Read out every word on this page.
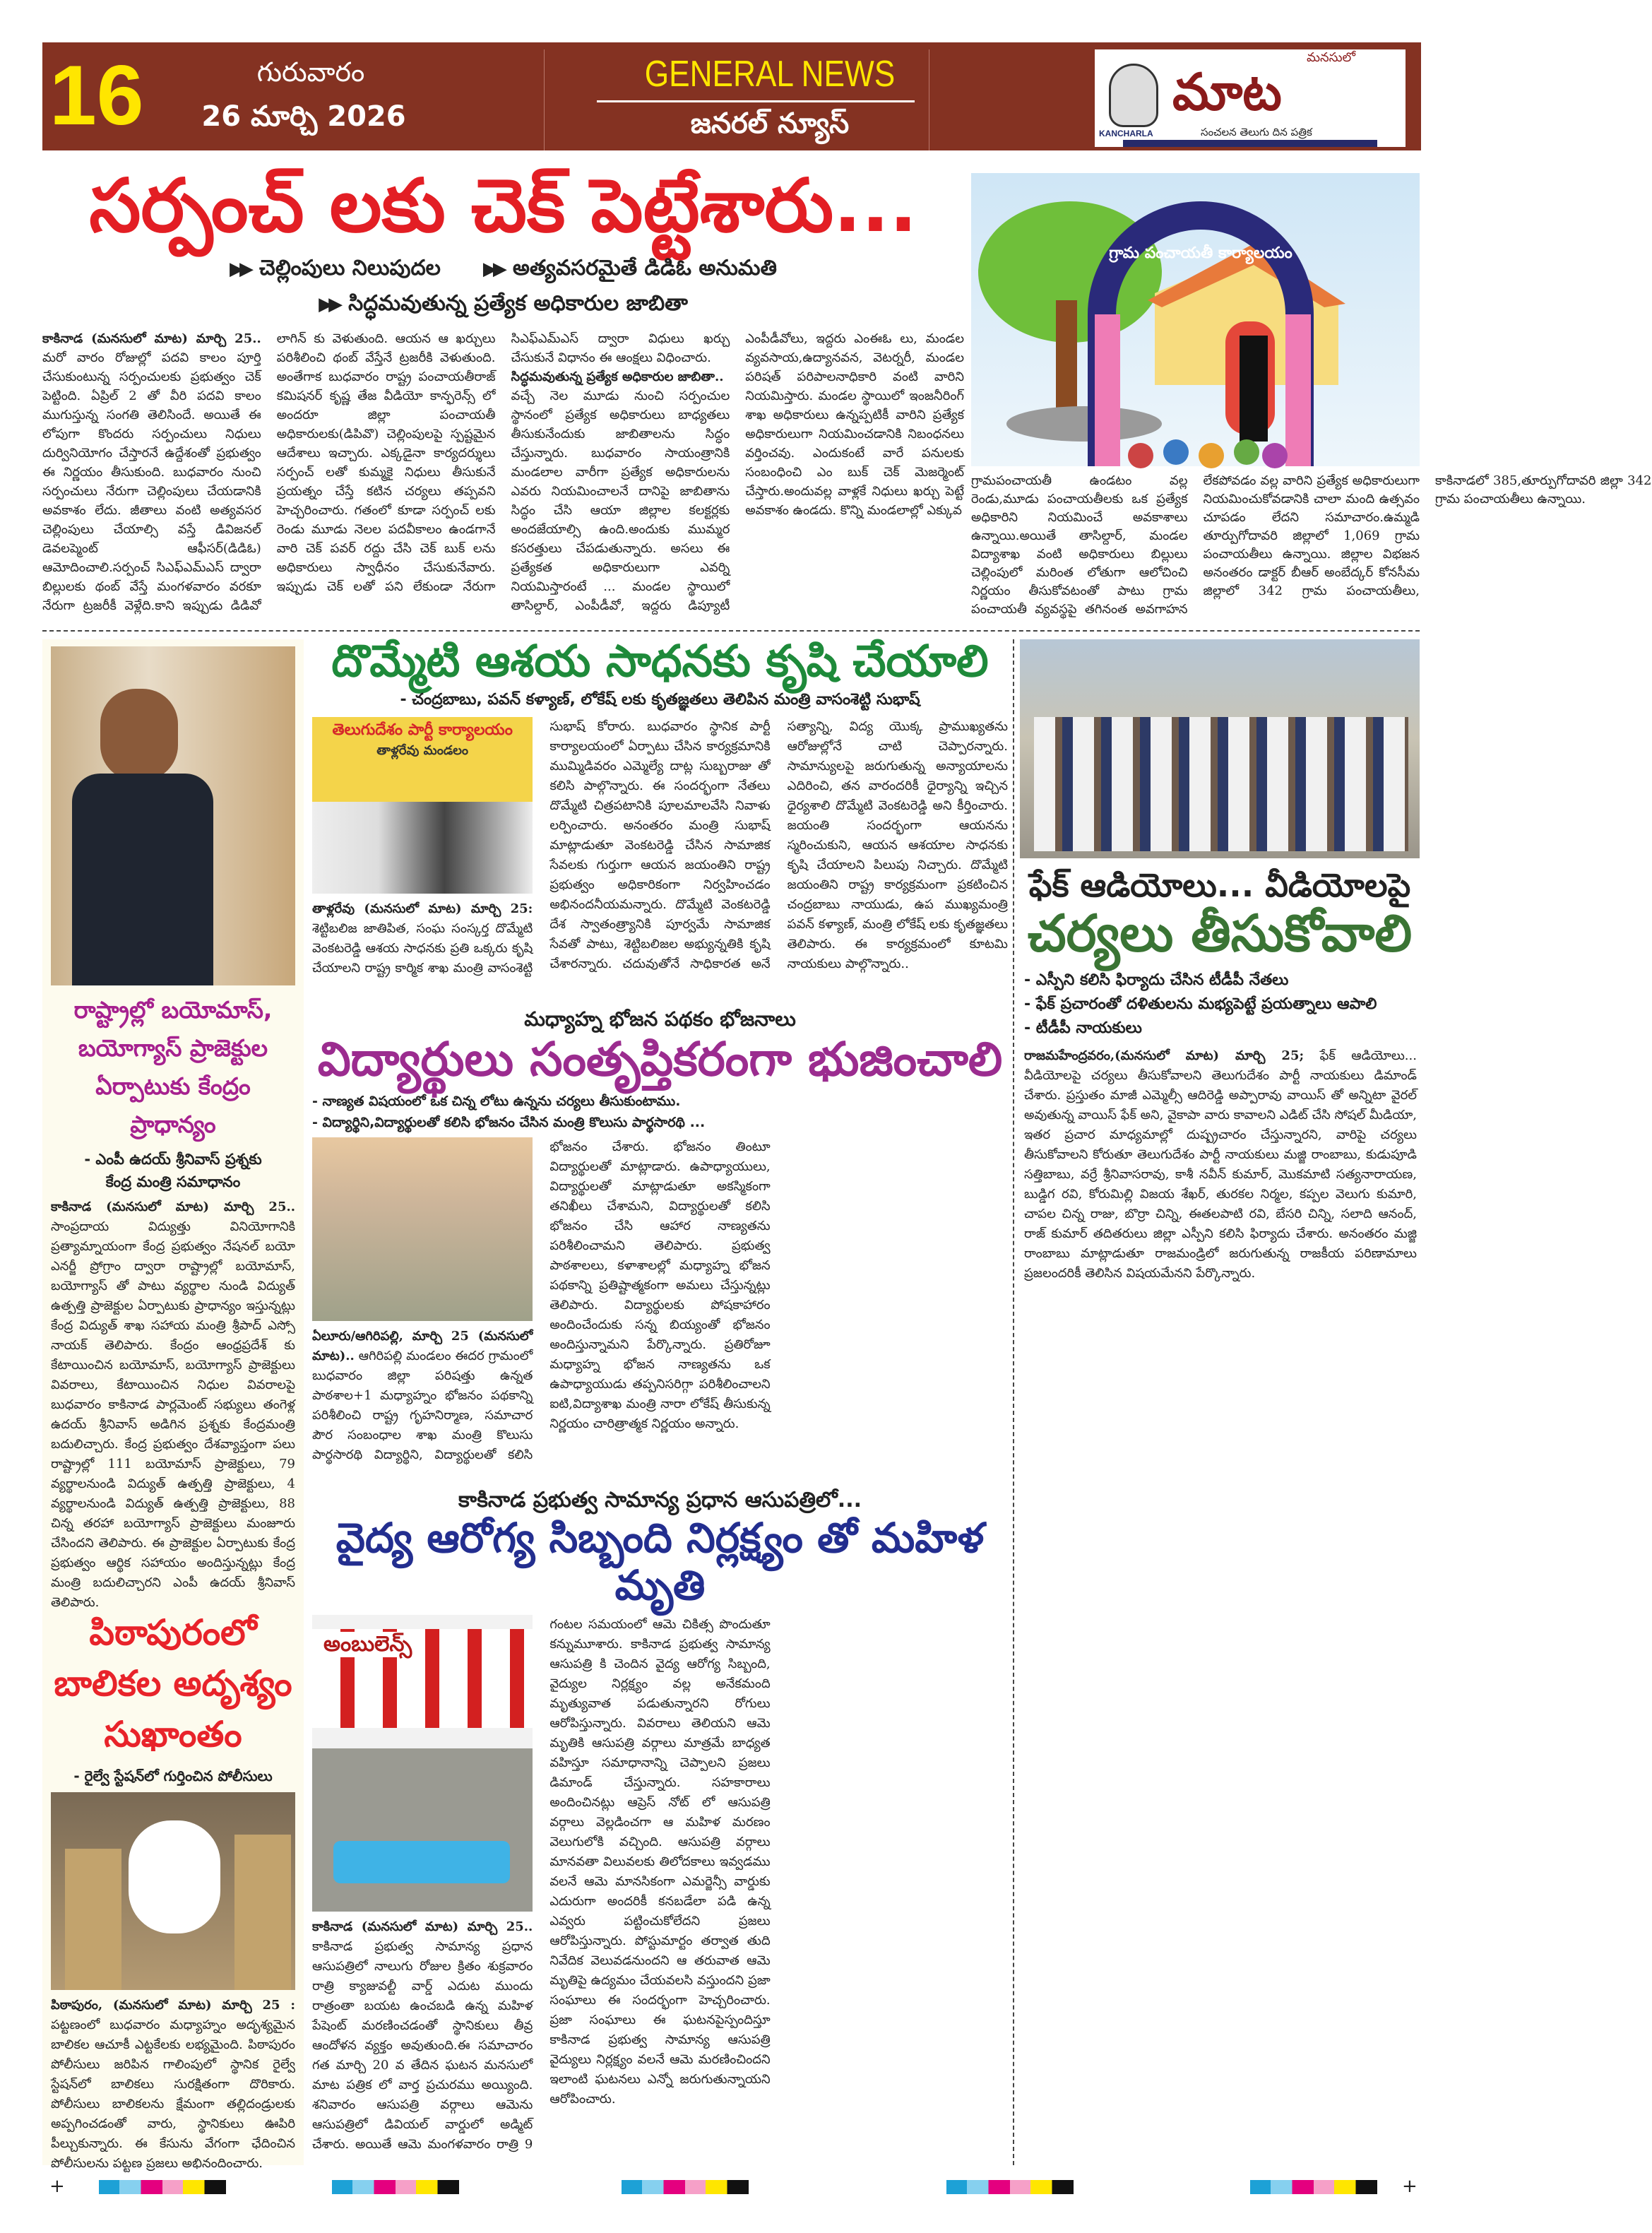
16	గురువారం
26 మార్చి 2026
GENERAL NEWS
జనరల్ న్యూస్
మనసులో
మాట
KANCHARLA	సంచలన తెలుగు దిన పత్రిక
సర్పంచ్ లకు చెక్ పెట్టేశారు...
▶▶ చెల్లింపులు నిలుపుదల ▶▶ అత్యవసరమైతే డిడిఓ అనుమతి
▶▶ సిద్ధమవుతున్న ప్రత్యేక అధికారుల జాబితా
కాకినాడ (మనసులో మాట) మార్చి 25.. మరో వారం రోజుల్లో పదవి కాలం పూర్తి చేసుకుంటున్న సర్పంచులకు ప్రభుత్వం చెక్ పెట్టింది. ఏప్రిల్ 2 తో వీరి పదవి కాలం ముగుస్తున్న సంగతి తెలిసిందే. అయితే ఈ లోపుగా కొందరు సర్పంచులు నిధులు దుర్వినియోగం చేస్తారనే ఉద్దేశంతో ప్రభుత్వం ఈ నిర్ణయం తీసుకుంది. బుధవారం నుంచి సర్పంచులు నేరుగా చెల్లింపులు చేయడానికి అవకాశం లేదు. జీతాలు వంటి అత్యవసర చెల్లింపులు చేయాల్సి వస్తే డివిజనల్ డెవలప్మెంట్ ఆఫీసర్(డిడిఓ) ఆమోదించాలి.సర్పంచ్ సిఎఫ్ఎమ్ఎస్ ద్వారా బిల్లులకు థంబ్ వేస్తే మంగళవారం వరకూ నేరుగా ట్రజరీకీ వెళ్లేది.కాని ఇప్పుడు డిడివో లాగిన్ కు వెళుతుంది. ఆయన ఆ ఖర్చులు పరిశీలించి థంబ్ వేస్తేనే ట్రజరీకి వెళుతుంది. అంతేగాక బుధవారం రాష్ట్ర పంచాయతీరాజ్ కమిషనర్ కృష్ణ తేజ వీడియో కాన్ఫరెన్స్ లో అందరూ జిల్లా పంచాయతీ అధికారులకు(డిపివొ) చెల్లింపులపై స్పష్టమైన ఆదేశాలు ఇచ్చారు. ఎక్కడైనా కార్యదర్శులు సర్పంచ్ లతో కుమ్మకై నిధులు తీసుకునే ప్రయత్నం చేస్తే కటిన చర్యలు తప్పవని హెచ్చరించారు. గతంలో కూడా సర్పంచ్ లకు రెండు మూడు నెలల పదవీకాలం ఉండగానే వారి చెక్ పవర్ రద్దు చేసి చెక్ బుక్ లను అధికారులు స్వాధీనం చేసుకునేవారు. ఇప్పుడు చెక్ లతో పని లేకుండా నేరుగా సిఎఫ్ఎమ్ఎస్ ద్వారా విధులు ఖర్చు చేసుకునే విధానం ఈ ఆంక్షలు విధించారు.
సిద్ధమవుతున్న ప్రత్యేక అధికారుల జాబితా..
వచ్చే నెల మూడు నుంచి సర్పంచుల స్థానంలో ప్రత్యేక అధికారులు బాధ్యతలు తీసుకునేందుకు జాబితాలను సిద్ధం చేస్తున్నారు. బుధవారం సాయంత్రానికి మండలాల వారీగా ప్రత్యేక అధికారులను ఎవరు నియమించాలనే దానిపై జాబితాను సిద్ధం చేసి ఆయా జిల్లాల కలక్టర్లకు అందజేయాల్సి ఉంది.అందుకు ముమ్మర కసరత్తులు చేపడుతున్నారు. అసలు ఈ ప్రత్యేకత అధికారులుగా ఎవర్ని నియమిస్తారంటే ... మండల స్థాయిలో తాసిల్దార్, ఎంపీడీవో, ఇద్దరు డిప్యూటీ ఎంపీడీవోలు, ఇద్దరు ఎంఈఓ లు, మండల వ్యవసాయ,ఉద్యానవన, వెటర్నరీ, మండల పరిషత్ పరిపాలనాధికారి వంటి వారిని నియమిస్తారు. మండల స్థాయిలో ఇంజనీరింగ్ శాఖ అధికారులు ఉన్నప్పటికీ వారిని ప్రత్యేక అధికారులుగా నియమించడానికి నిబంధనలు వర్తించవు. ఎందుకంటే వారే పనులకు సంబంధించి ఎం బుక్ చెక్ మెజర్మెంట్ చేస్తారు.అందువల్ల వాళ్లకే నిధులు ఖర్చు పెట్టే అవకాశం ఉండదు. కొన్ని మండలాల్లో ఎక్కువ
గ్రామ పంచాయతీ కార్యాలయం
గ్రామపంచాయతీ ఉండటం వల్ల రెండు,మూడు పంచాయతీలకు ఒక ప్రత్యేక అధికారిని నియమించే అవకాశాలు ఉన్నాయి.అయితే తాసిల్దార్, మండల విద్యాశాఖ వంటి అధికారులు బిల్లులు చెల్లింపులో మరింత లోతుగా ఆలోచించి నిర్ణయం తీసుకోవటంతో పాటు గ్రామ పంచాయతీ వ్యవస్థపై తగినంత అవగాహన లేకపోవడం వల్ల వారిని ప్రత్యేక అధికారులుగా నియమించుకోవడానికి చాలా మంది ఉత్సవం చూపడం లేదని సమాచారం.ఉమ్మడి తూర్పుగోదావరి జిల్లాలో 1,069 గ్రామ పంచాయతీలు ఉన్నాయి. జిల్లాల విభజన అనంతరం డాక్టర్ బీఆర్ అంబేద్కర్ కోనసీమ జిల్లాలో 342 గ్రామ పంచాయతీలు, కాకినాడలో 385,తూర్పుగోదావరి జిల్లా 342 గ్రామ పంచాయతీలు ఉన్నాయి.
రాష్ట్రాల్లో బయోమాస్,
బయోగ్యాస్ ప్రాజెక్టుల
ఏర్పాటుకు కేంద్రం ప్రాధాన్యం
- ఎంపీ ఉదయ్ శ్రీనివాస్ ప్రశ్నకు
కేంద్ర మంత్రి సమాధానం
కాకినాడ (మనసులో మాట) మార్చి 25.. సాంప్రదాయ విద్యుత్తు వినియోగానికి ప్రత్యామ్నాయంగా కేంద్ర ప్రభుత్వం నేషనల్ బయో ఎనర్జీ ప్రోగ్రాం ద్వారా రాష్ట్రాల్లో బయోమాస్, బయోగ్యాస్ తో పాటు వ్యర్థాల నుండి విద్యుత్ ఉత్పత్తి ప్రాజెక్టుల ఏర్పాటుకు ప్రాధాన్యం ఇస్తున్నట్లు కేంద్ర విద్యుత్ శాఖ సహాయ మంత్రి శ్రీపాద్ ఎస్సో నాయక్ తెలిపారు. కేంద్రం ఆంధ్రప్రదేశ్ కు కేటాయించిన బయోమాస్, బయోగ్యాస్ ప్రాజెక్టులు వివరాలు, కేటాయించిన నిధుల వివరాలపై బుధవారం కాకినాడ పార్లమెంట్ సభ్యులు తంగెళ్ల ఉదయ్ శ్రీనివాస్ అడిగిన ప్రశ్నకు కేంద్రమంత్రి బదులిచ్చారు. కేంద్ర ప్రభుత్వం దేశవ్యాప్తంగా పలు రాష్ట్రాల్లో 111 బయోమాస్ ప్రాజెక్టులు, 79 వ్యర్థాలనుండి విద్యుత్ ఉత్పత్తి ప్రాజెక్టులు, 4 వ్యర్థాలనుండి విద్యుత్ ఉత్పత్తి ప్రాజెక్టులు, 88 చిన్న తరహా బయోగ్యాస్ ప్రాజెక్టులు మంజూరు చేసిందని తెలిపారు. ఈ ప్రాజెక్టుల ఏర్పాటుకు కేంద్ర ప్రభుత్వం ఆర్థిక సహాయం అందిస్తున్నట్లు కేంద్ర మంత్రి బదులిచ్చారని ఎంపీ ఉదయ్ శ్రీనివాస్ తెలిపారు.
పిఠాపురంలో
బాలికల అదృశ్యం
సుఖాంతం
- రైల్వే స్టేషన్‌లో గుర్తించిన పోలీసులు
పిఠాపురం, (మనసులో మాట) మార్చి 25 : పట్టణంలో బుధవారం మధ్యాహ్నం అదృశ్యమైన బాలికల ఆచూకీ ఎట్టకేలకు లభ్యమైంది. పిఠాపురం పోలీసులు జరిపిన గాలింపులో స్థానిక రైల్వే స్టేషన్‌లో బాలికలు సురక్షితంగా దొరికారు. పోలీసులు బాలికలను క్షేమంగా తల్లిదండ్రులకు అప్పగించడంతో వారు, స్థానికులు ఊపిరి పీల్చుకున్నారు. ఈ కేసును వేగంగా ఛేదించిన పోలీసులను పట్టణ ప్రజలు అభినందించారు.
దొమ్మేటి ఆశయ సాధనకు కృషి చేయాలి
- చంద్రబాబు, పవన్ కళ్యాణ్, లోకేష్ లకు కృతజ్ఞతలు తెలిపిన మంత్రి వాసంశెట్టి సుభాష్
తెలుగుదేశం పార్టీ కార్యాలయం
తాళ్లరేవు మండలం
తాళ్లరేవు (మనసులో మాట) మార్చి 25: శెట్టిబలిజ జాతిపిత, సంఘ సంస్కర్త దొమ్మేటి వెంకటరెడ్డి ఆశయ సాధనకు ప్రతి ఒక్కరు కృషి చేయాలని రాష్ట్ర కార్మిక శాఖ మంత్రి వాసంశెట్టి సుభాష్ కోరారు. బుధవారం స్థానిక పార్టీ కార్యాలయంలో ఏర్పాటు చేసిన కార్యక్రమానికి ముమ్మిడివరం ఎమ్మెల్యే దాట్ల సుబ్బరాజు తో కలిసి పాల్గొన్నారు. ఈ సందర్భంగా నేతలు దొమ్మేటి చిత్రపటానికి పూలమాలవేసి నివాళు లర్పించారు. అనంతరం మంత్రి సుభాష్ మాట్లాడుతూ వెంకటరెడ్డి చేసిన సామాజిక సేవలకు గుర్తుగా ఆయన జయంతిని రాష్ట్ర ప్రభుత్వం అధికారికంగా నిర్వహించడం అభినందనీయమన్నారు. దొమ్మేటి వెంకటరెడ్డి దేశ స్వాతంత్ర్యానికి పూర్వమే సామాజిక సేవతో పాటు, శెట్టిబలిజల అభ్యున్నతికి కృషి చేశారన్నారు. చదువుతోనే సాధికారత అనే సత్యాన్ని, విద్య యొక్క ప్రాముఖ్యతను ఆరోజుల్లోనే చాటి చెప్పారన్నారు. సామాన్యులపై జరుగుతున్న అన్యాయాలను ఎదిరించి, తన వారందరికీ ధైర్యాన్ని ఇచ్చిన ధైర్యశాలి దొమ్మేటి వెంకటరెడ్డి అని కీర్తించారు. జయంతి సందర్భంగా ఆయనను స్మరించుకుని, ఆయన ఆశయాల సాధనకు కృషి చేయాలని పిలుపు నిచ్చారు. దొమ్మేటి జయంతిని రాష్ట్ర కార్యక్రమంగా ప్రకటించిన చంద్రబాబు నాయుడు, ఉప ముఖ్యమంత్రి పవన్ కళ్యాణ్, మంత్రి లోకేష్ లకు కృతజ్ఞతలు తెలిపారు. ఈ కార్యక్రమంలో కూటమి నాయకులు పాల్గొన్నారు..
మధ్యాహ్న భోజన పథకం భోజనాలు
విద్యార్థులు సంతృప్తికరంగా భుజించాలి
- నాణ్యత విషయంలో ఒక చిన్న లోటు ఉన్నను చర్యలు తీసుకుంటాము.
- విద్యార్థిని,విద్యార్థులతో కలిసి భోజనం చేసిన మంత్రి కొలుసు పార్థసారథి ...
ఏలూరు/ఆగిరిపల్లి, మార్చి 25 (మనసులో మాట).. ఆగిరిపల్లి మండలం ఈదర గ్రామంలో బుధవారం జిల్లా పరిషత్తు ఉన్నత పాఠశాల+1 మధ్యాహ్నం భోజనం పథకాన్ని పరిశీలించి రాష్ట్ర గృహనిర్మాణ, సమాచార పౌర సంబంధాల శాఖ మంత్రి కొలుసు పార్థసారథి విద్యార్థిని, విద్యార్థులతో కలిసి భోజనం చేశారు. భోజనం తింటూ విద్యార్థులతో మాట్లాడారు. ఉపాధ్యాయులు, విద్యార్థులతో మాట్లాడుతూ అకస్మికంగా తనిఖీలు చేశామని, విద్యార్థులతో కలిసి భోజనం చేసి ఆహార నాణ్యతను పరిశీలించామని తెలిపారు. ప్రభుత్వ పాఠశాలలు, కళాశాలల్లో మధ్యాహ్న భోజన పథకాన్ని ప్రతిష్టాత్మకంగా అమలు చేస్తున్నట్లు తెలిపారు. విద్యార్థులకు పోషకాహారం అందించేందుకు సన్న బియ్యంతో భోజనం అందిస్తున్నామని పేర్కొన్నారు. ప్రతిరోజూ మధ్యాహ్న భోజన నాణ్యతను ఒక ఉపాధ్యాయుడు తప్పనిసరిగ్గా పరిశీలించాలని ఐటి,విద్యాశాఖ మంత్రి నారా లోకేష్ తీసుకున్న నిర్ణయం చారిత్రాత్మక నిర్ణయం అన్నారు.
కాకినాడ ప్రభుత్వ సామాన్య ప్రధాన ఆసుపత్రిలో...
వైద్య ఆరోగ్య సిబ్బంది నిర్లక్ష్యం తో మహిళ మృతి
అంబులెన్స్
కాకినాడ (మనసులో మాట) మార్చి 25.. కాకినాడ ప్రభుత్వ సామాన్య ప్రధాన ఆసుపత్రిలో నాలుగు రోజుల క్రితం శుక్రవారం రాత్రి క్యాజువల్టీ వార్డ్ ఎదుట ముందు రాత్రంతా బయట ఉంచబడి ఉన్న మహిళ పేషెంట్ మరణించడంతో స్థానికులు తీవ్ర ఆందోళన వ్యక్తం అవుతుంది.ఈ సమాచారం గత మార్చి 20 వ తేదిన ఘటన మనసులో మాట పత్రిక లో వార్త ప్రచురము అయ్యింది. శనివారం ఆసుపత్రి వర్గాలు ఆమెను ఆసుపత్రిలో డివియల్ వార్డులో అడ్మిట్ చేశారు. అయితే ఆమె మంగళవారం రాత్రి 9 గంటల సమయంలో ఆమె చికిత్స పొందుతూ కన్నుమూశారు. కాకినాడ ప్రభుత్వ సామాన్య ఆసుపత్రి కి చెందిన వైద్య ఆరోగ్య సిబ్బంది, వైద్యుల నిర్లక్ష్యం వల్ల అనేకమంది మృత్యువాత పడుతున్నారని రోగులు ఆరోపిస్తున్నారు. వివరాలు తెలియని ఆమె మృతికి ఆసుపత్రి వర్గాలు మాత్రమే బాధ్యత వహిస్తూ సమాధానాన్ని చెప్పాలని ప్రజలు డిమాండ్ చేస్తున్నారు. సహకారాలు అందించినట్లు ఆప్రెస్ నోట్ లో ఆసుపత్రి వర్గాలు వెల్లడించగా ఆ మహిళ మరణం వెలుగులోకి వచ్చింది. ఆసుపత్రి వర్గాలు మానవతా విలువలకు తిలోదకాలు ఇవ్వడము వలనే ఆమె మానసికంగా ఎమర్జెన్సీ వార్డుకు ఎదురుగా అందరికీ కనబడేలా పడి ఉన్న ఎవ్వరు పట్టించుకోలేదని ప్రజలు ఆరోపిస్తున్నారు. పోస్టుమార్టం తర్వాత తుది నివేదిక వెలువడనుందని ఆ తరువాత ఆమె మృతిపై ఉద్యమం చేయవలసి వస్తుందని ప్రజా సంఘాలు ఈ సందర్భంగా హెచ్చరించారు. ప్రజా సంఘాలు ఈ ఘటనపైస్పందిస్తూ కాకినాడ ప్రభుత్వ సామాన్య ఆసుపత్రి వైద్యులు నిర్లక్ష్యం వలనే ఆమె మరణించిందని ఇలాంటి ఘటనలు ఎన్నో జరుగుతున్నాయని ఆరోపించారు.
ఫేక్ ఆడియోలు... వీడియోలపై
చర్యలు తీసుకోవాలి
- ఎస్పీని కలిసి ఫిర్యాదు చేసిన టీడీపీ నేతలు
- ఫేక్ ప్రచారంతో దళితులను మభ్యపెట్టే ప్రయత్నాలు ఆపాలి
- టీడీపీ నాయకులు
రాజమహేంద్రవరం,(మనసులో మాట) మార్చి 25; ఫేక్ ఆడియోలు... వీడియోలపై చర్యలు తీసుకోవాలని తెలుగుదేశం పార్టీ నాయకులు డిమాండ్ చేశారు. ప్రస్తుతం మాజీ ఎమ్మెల్సీ ఆదిరెడ్డి అప్పారావు వాయిస్ తో అన్నిటా వైరల్ అవుతున్న వాయిస్ ఫేక్ అని, వైకాపా వారు కావాలని ఎడిట్ చేసి సోషల్ మీడియా, ఇతర ప్రచార మాధ్యమాల్లో దుష్ప్రచారం చేస్తున్నారని, వారిపై చర్యలు తీసుకోవాలని కోరుతూ తెలుగుదేశం పార్టీ నాయకులు మజ్జి రాంబాబు, కుడుపూడి సత్తిబాబు, వర్రే శ్రీనివాసరావు, కాశీ నవీన్ కుమార్, మొకమాటి సత్యనారాయణ, బుడ్డిగ రవి, కోరుమిల్లి విజయ శేఖర్, తురకల నిర్మల, కప్పల వెలుగు కుమారి, చాపల చిన్న రాజు, బొర్రా చిన్ని, ఈతలపాటి రవి, బేసరి చిన్ని, సలాది ఆనంద్, రాజ్ కుమార్ తదితరులు జిల్లా ఎస్పీని కలిసి ఫిర్యాదు చేశారు. అనంతరం మజ్జి రాంబాబు మాట్లాడుతూ రాజమండ్రిలో జరుగుతున్న రాజకీయ పరిణామాలు ప్రజలందరికీ తెలిసిన విషయమేనని పేర్కొన్నారు.
+	+
